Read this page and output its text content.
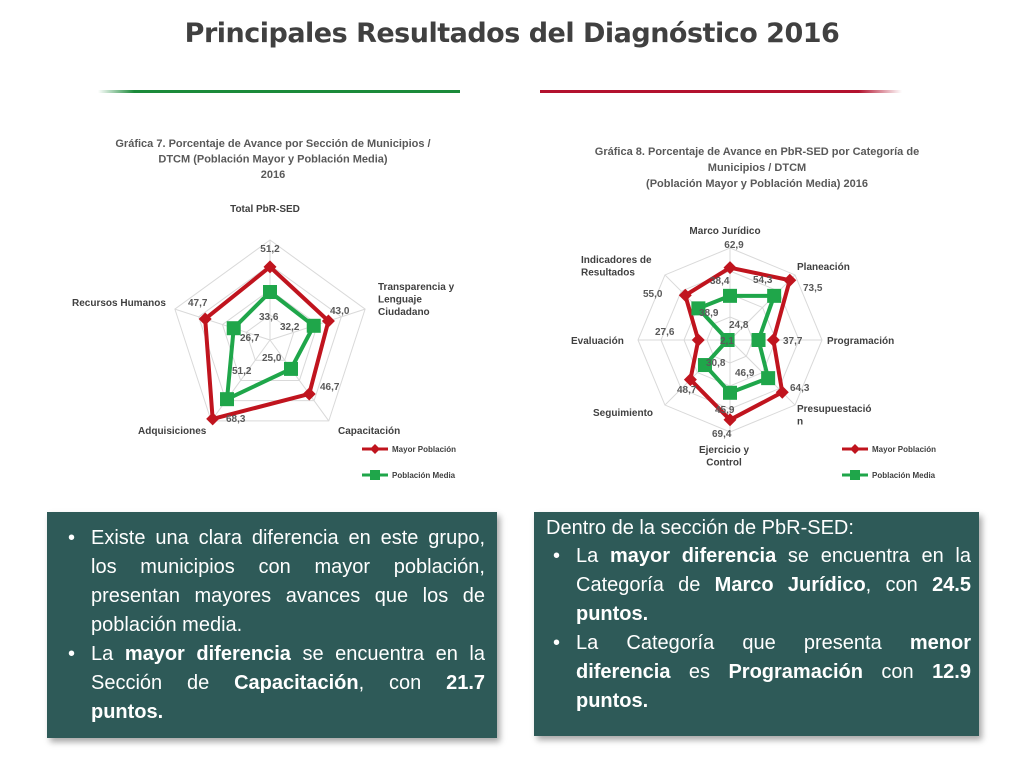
Principales Resultados del Diagnóstico 2016
Gráfica 7. Porcentaje de Avance por Sección de Municipios /
DTCM (Población Mayor y Población Media)
2016
51,2
43,0
46,7
68,3
47,7
33,6
32,2
25,0
51,2
26,7
Total PbR-SED
Transparencia y
Lenguaje
Ciudadano
Capacitación
Adquisiciones
Recursos Humanos
Mayor Población
Población Media
Gráfica 8. Porcentaje de Avance en PbR-SED por Categoría de
Municipios / DTCM
(Población Mayor y Población Media) 2016
62,9
73,5
37,7
64,3
69,4
48,7
27,6
55,0
38,4 54,3
24,8
46,9
45,9
30,8
2,1
38,9
Marco Jurídico
Planeación
Programación
Presupuestació
n
Ejercicio y
Control
Seguimiento
Evaluación
Indicadores de
Resultados
Mayor Población
Población Media
• Existe una clara diferencia en este grupo, los municipios con mayor población, presentan mayores avances que los de población media.
• La mayor diferencia se encuentra en la Sección de Capacitación, con 21.7 puntos.
Dentro de la sección de PbR-SED:
• La mayor diferencia se encuentra en la Categoría de Marco Jurídico, con 24.5 puntos.
• La Categoría que presenta menor diferencia es Programación con 12.9 puntos.
